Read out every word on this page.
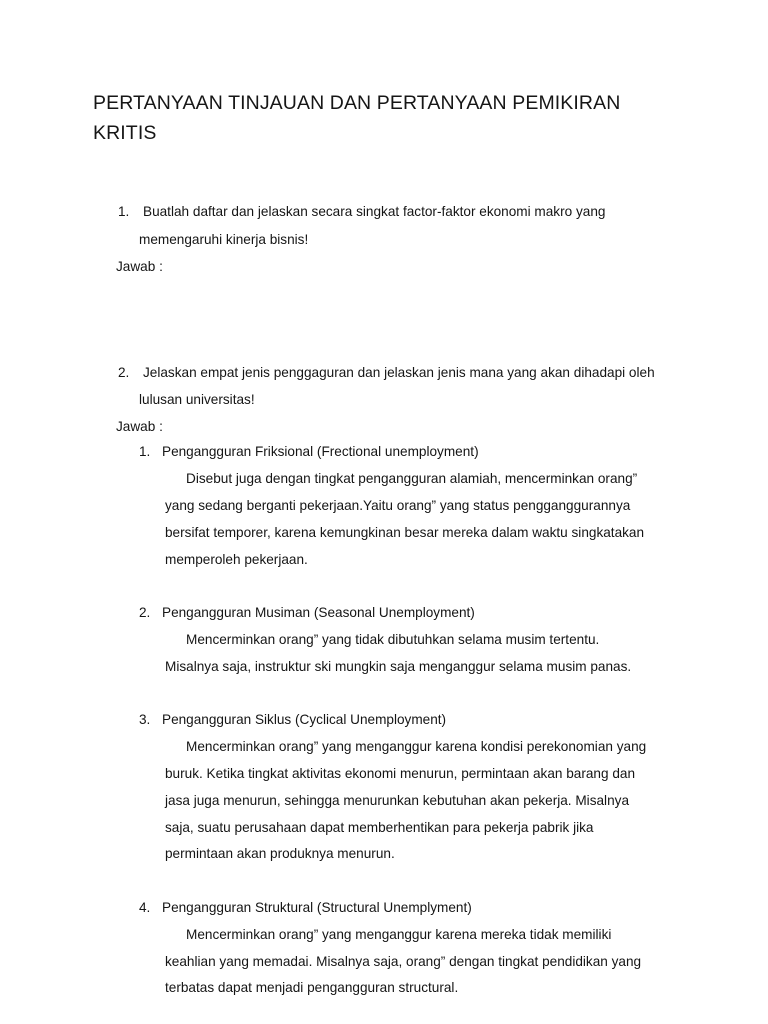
PERTANYAAN TINJAUAN DAN PERTANYAAN PEMIKIRAN
KRITIS
1. Buatlah daftar dan jelaskan secara singkat factor-faktor ekonomi makro yang
memengaruhi kinerja bisnis!
Jawab :
2. Jelaskan empat jenis penggaguran dan jelaskan jenis mana yang akan dihadapi oleh
lulusan universitas!
Jawab :
1. Pengangguran Friksional (Frectional unemployment)
Disebut juga dengan tingkat pengangguran alamiah, mencerminkan orang”
yang sedang berganti pekerjaan.Yaitu orang” yang status pengganggurannya
bersifat temporer, karena kemungkinan besar mereka dalam waktu singkatakan
memperoleh pekerjaan.
2. Pengangguran Musiman (Seasonal Unemployment)
Mencerminkan orang” yang tidak dibutuhkan selama musim tertentu.
Misalnya saja, instruktur ski mungkin saja menganggur selama musim panas.
3. Pengangguran Siklus (Cyclical Unemployment)
Mencerminkan orang” yang menganggur karena kondisi perekonomian yang
buruk. Ketika tingkat aktivitas ekonomi menurun, permintaan akan barang dan
jasa juga menurun, sehingga menurunkan kebutuhan akan pekerja. Misalnya
saja, suatu perusahaan dapat memberhentikan para pekerja pabrik jika
permintaan akan produknya menurun.
4. Pengangguran Struktural (Structural Unemplyment)
Mencerminkan orang” yang menganggur karena mereka tidak memiliki
keahlian yang memadai. Misalnya saja, orang” dengan tingkat pendidikan yang
terbatas dapat menjadi pengangguran structural.
